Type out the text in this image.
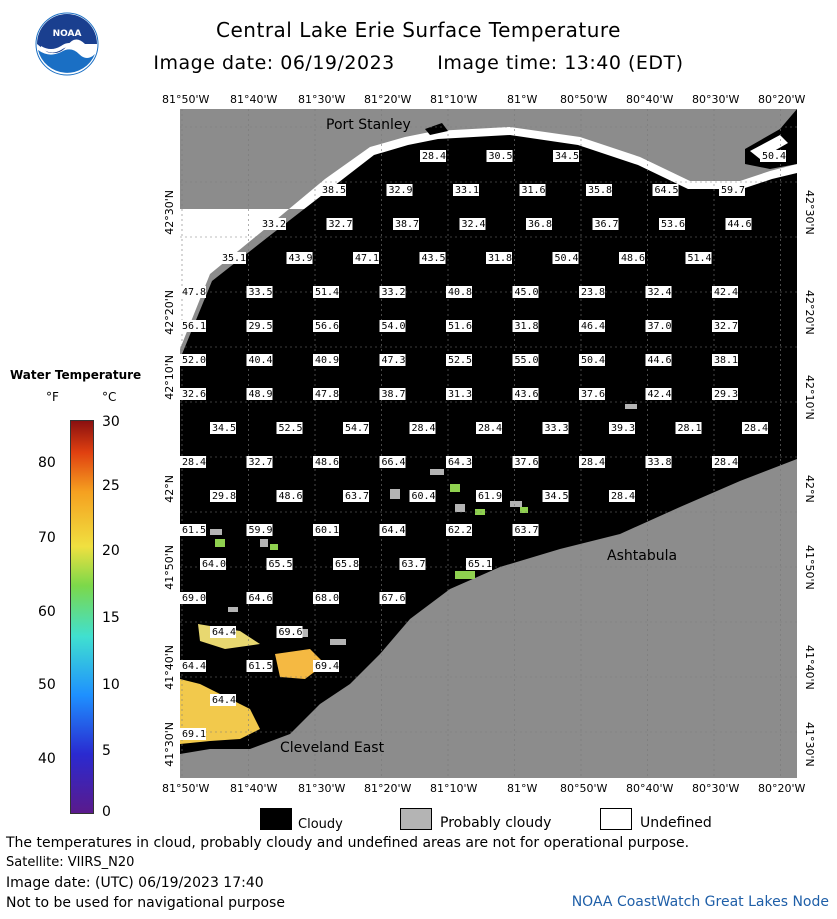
NOAA	Central Lake Erie Surface Temperature
Image date: 06/19/2023 Image time: 13:40 (EDT)
81°50'W 81°40'W 81°30'W 81°20'W 81°10'W	81°W 80°50'W 80°40'W 80°30'W 80°20'W
81°50'W 81°40'W 81°30'W 81°20'W 81°10'W	81°W 80°50'W 80°40'W 80°30'W 80°20'W
42°30'N
42°20'N
42°10'N
42°N
41°50'N
41°40'N
41°30'N
42°30'N
42°20'N
42°10'N
42°N
41°50'N
41°40'N
41°30'N
28.4	30.5	34.5	50.4
38.5	32.9	33.1	31.6	35.8	64.5	59.7
33.2	32.7	38.7	32.4	36.8	36.7	53.6	44.6
35.1	43.9	47.1	43.5	31.8	50.4	48.6	51.4
47.8	33.5	51.4	33.2	40.8	45.0	23.8	32.4	42.4
56.1	29.5	56.6	54.0	51.6	31.8	46.4	37.0	32.7
52.0	40.4	40.9	47.3	52.5	55.0	50.4	44.6	38.1
32.6	48.9	47.8	38.7	31.3	43.6	37.6	42.4	29.3
34.5	52.5	54.7	28.4	28.4	33.3	39.3	28.1	28.4
28.4	32.7	48.6	66.4	64.3	37.6	28.4	33.8	28.4
29.8	48.6	63.7	60.4	61.9	34.5	28.4
61.5	59.9	60.1	64.4	62.2	63.7
64.0	65.5	65.8	63.7	65.1
69.0	64.6	68.0	67.6
64.4	69.6
64.4	61.5	69.4
64.4
69.1
Port Stanley
Ashtabula
Cleveland East
Water Temperature
°F	°C
80
70
60
50
40
30
25
20
15
10
5
0
Cloudy	Probably cloudy	Undefined
The temperatures in cloud, probably cloudy and undefined areas are not for operational purpose.
Satellite: VIIRS_N20
Image date: (UTC) 06/19/2023 17:40
Not to be used for navigational purpose	NOAA CoastWatch Great Lakes Node
